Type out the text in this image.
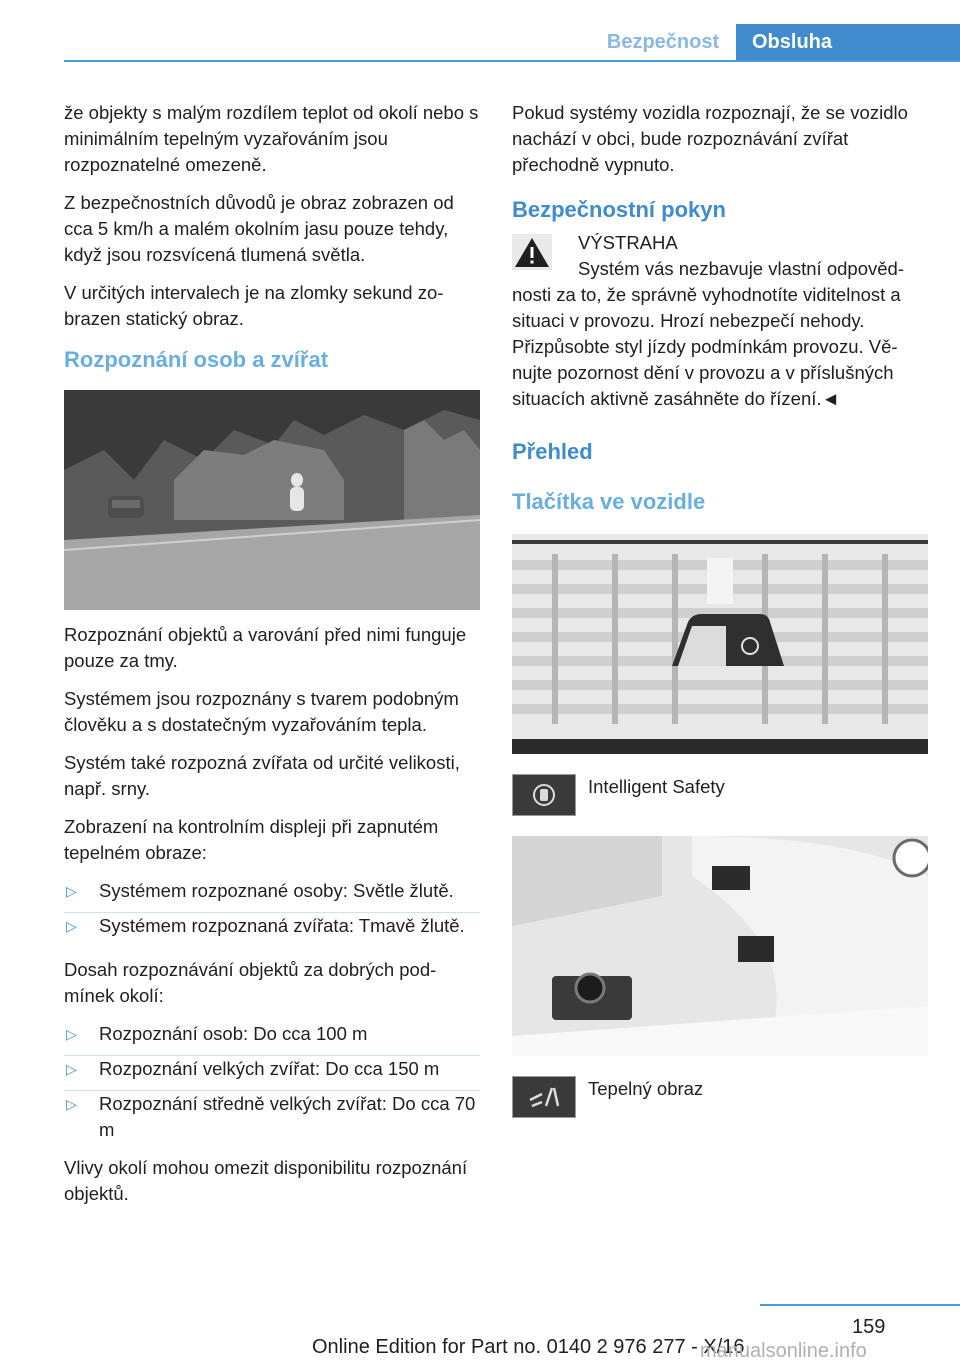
Bezpečnost	Obsluha

že objekty s malým rozdílem teplot od okolí nebo s minimálním tepelným vyzařováním jsou rozpoznatelné omezeně.

Z bezpečnostních důvodů je obraz zobrazen od cca 5 km/h a malém okolním jasu pouze tehdy, když jsou rozsvícená tlumená světla.

V určitých intervalech je na zlomky sekund zobrazen statický obraz.

Rozpoznání osob a zvířat

Rozpoznání objektů a varování před nimi funguje pouze za tmy.

Systémem jsou rozpoznány s tvarem podobným člověku a s dostatečným vyzařováním tepla.

Systém také rozpozná zvířata od určité velikosti, např. srny.

Zobrazení na kontrolním displeji při zapnutém tepelném obraze:

▷ Systémem rozpoznané osoby: Světle žlutě.
▷ Systémem rozpoznaná zvířata: Tmavě žlutě.

Dosah rozpoznávání objektů za dobrých podmínek okolí:

▷ Rozpoznání osob: Do cca 100 m
▷ Rozpoznání velkých zvířat: Do cca 150 m
▷ Rozpoznání středně velkých zvířat: Do cca 70 m

Vlivy okolí mohou omezit disponibilitu rozpoznání objektů.

Pokud systémy vozidla rozpoznají, že se vozidlo nachází v obci, bude rozpoznávání zvířat přechodně vypnuto.

Bezpečnostní pokyn

VÝSTRAHA

Systém vás nezbavuje vlastní odpovědnosti za to, že správně vyhodnotíte viditelnost a situaci v provozu. Hrozí nebezpečí nehody. Přizpůsobte styl jízdy podmínkám provozu. Věnujte pozornost dění v provozu a v příslušných situacích aktivně zasáhněte do řízení.◄

Přehled
Tlačítka ve vozidle
Intelligent Safety
Tepelný obraz
159
Online Edition for Part no. 0140 2 976 277 - X/16
manualsonline.info
